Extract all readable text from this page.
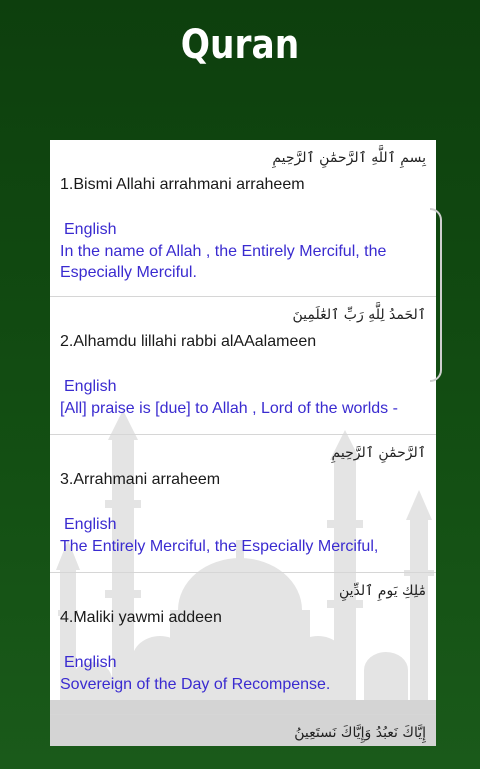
Quran
بِسمِ ٱللَّهِ ٱلرَّحمَٰنِ ٱلرَّحِيمِ
1.Bismi Allahi arrahmani arraheem
English
In the name of Allah , the Entirely Merciful, the Especially Merciful.
ٱلحَمدُ لِلَّهِ رَبِّ ٱلعَٰلَمِينَ
2.Alhamdu lillahi rabbi alAAalameen
English
[All] praise is [due] to Allah , Lord of the worlds -
ٱلرَّحمَٰنِ ٱلرَّحِيمِ
3.Arrahmani arraheem
English
The Entirely Merciful, the Especially Merciful,
مَٰلِكِ يَومِ ٱلدِّينِ
4.Maliki yawmi addeen
English
Sovereign of the Day of Recompense.
إِيَّاكَ نَعبُدُ وَإِيَّاكَ نَستَعِينُ
